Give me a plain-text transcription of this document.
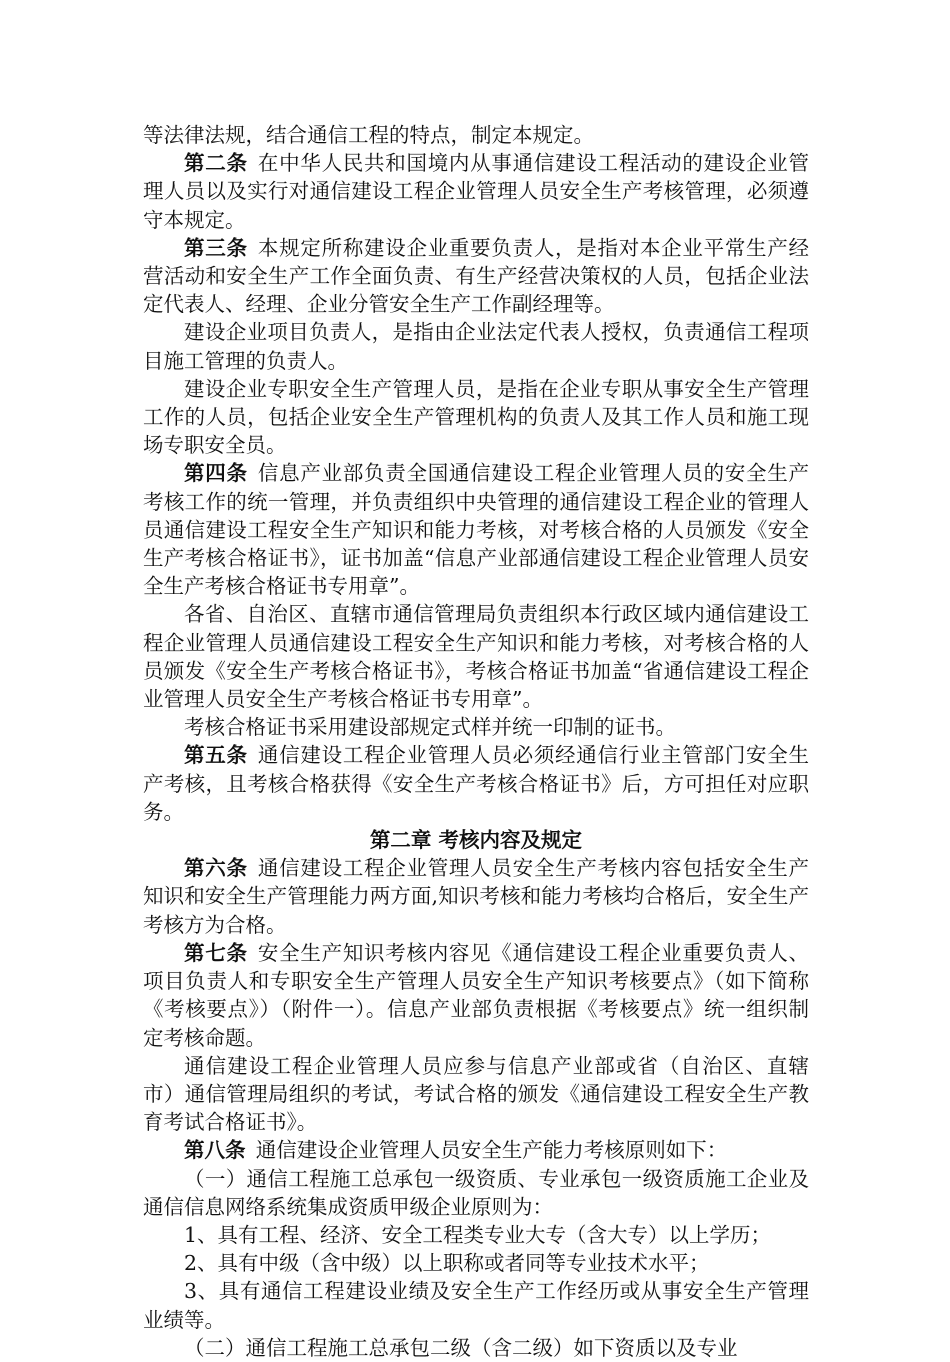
等法律法规，结合通信工程的特点，制定本规定。

第二条 在中华人民共和国境内从事通信建设工程活动的建设企业管理人员以及实行对通信建设工程企业管理人员安全生产考核管理，必须遵守本规定。

第三条 本规定所称建设企业重要负责人，是指对本企业平常生产经营活动和安全生产工作全面负责、有生产经营决策权的人员，包括企业法定代表人、经理、企业分管安全生产工作副经理等。

建设企业项目负责人，是指由企业法定代表人授权，负责通信工程项目施工管理的负责人。

建设企业专职安全生产管理人员，是指在企业专职从事安全生产管理工作的人员，包括企业安全生产管理机构的负责人及其工作人员和施工现场专职安全员。

第四条 信息产业部负责全国通信建设工程企业管理人员的安全生产考核工作的统一管理，并负责组织中央管理的通信建设工程企业的管理人员通信建设工程安全生产知识和能力考核，对考核合格的人员颁发《安全生产考核合格证书》，证书加盖“信息产业部通信建设工程企业管理人员安全生产考核合格证书专用章”。

各省、自治区、直辖市通信管理局负责组织本行政区域内通信建设工程企业管理人员通信建设工程安全生产知识和能力考核，对考核合格的人员颁发《安全生产考核合格证书》，考核合格证书加盖“省通信建设工程企业管理人员安全生产考核合格证书专用章”。

考核合格证书采用建设部规定式样并统一印制的证书。

第五条 通信建设工程企业管理人员必须经通信行业主管部门安全生产考核，且考核合格获得《安全生产考核合格证书》后，方可担任对应职务。

第二章 考核内容及规定

第六条 通信建设工程企业管理人员安全生产考核内容包括安全生产知识和安全生产管理能力两方面,知识考核和能力考核均合格后，安全生产考核方为合格。

第七条 安全生产知识考核内容见《通信建设工程企业重要负责人、项目负责人和专职安全生产管理人员安全生产知识考核要点》（如下简称《考核要点》）（附件一）。信息产业部负责根据《考核要点》统一组织制定考核命题。

通信建设工程企业管理人员应参与信息产业部或省（自治区、直辖市）通信管理局组织的考试，考试合格的颁发《通信建设工程安全生产教育考试合格证书》。

第八条 通信建设企业管理人员安全生产能力考核原则如下：

（一）通信工程施工总承包一级资质、专业承包一级资质施工企业及通信信息网络系统集成资质甲级企业原则为：

1、具有工程、经济、安全工程类专业大专（含大专）以上学历；

2、具有中级（含中级）以上职称或者同等专业技术水平；

3、具有通信工程建设业绩及安全生产工作经历或从事安全生产管理业绩等。

（二）通信工程施工总承包二级（含二级）如下资质以及专业
